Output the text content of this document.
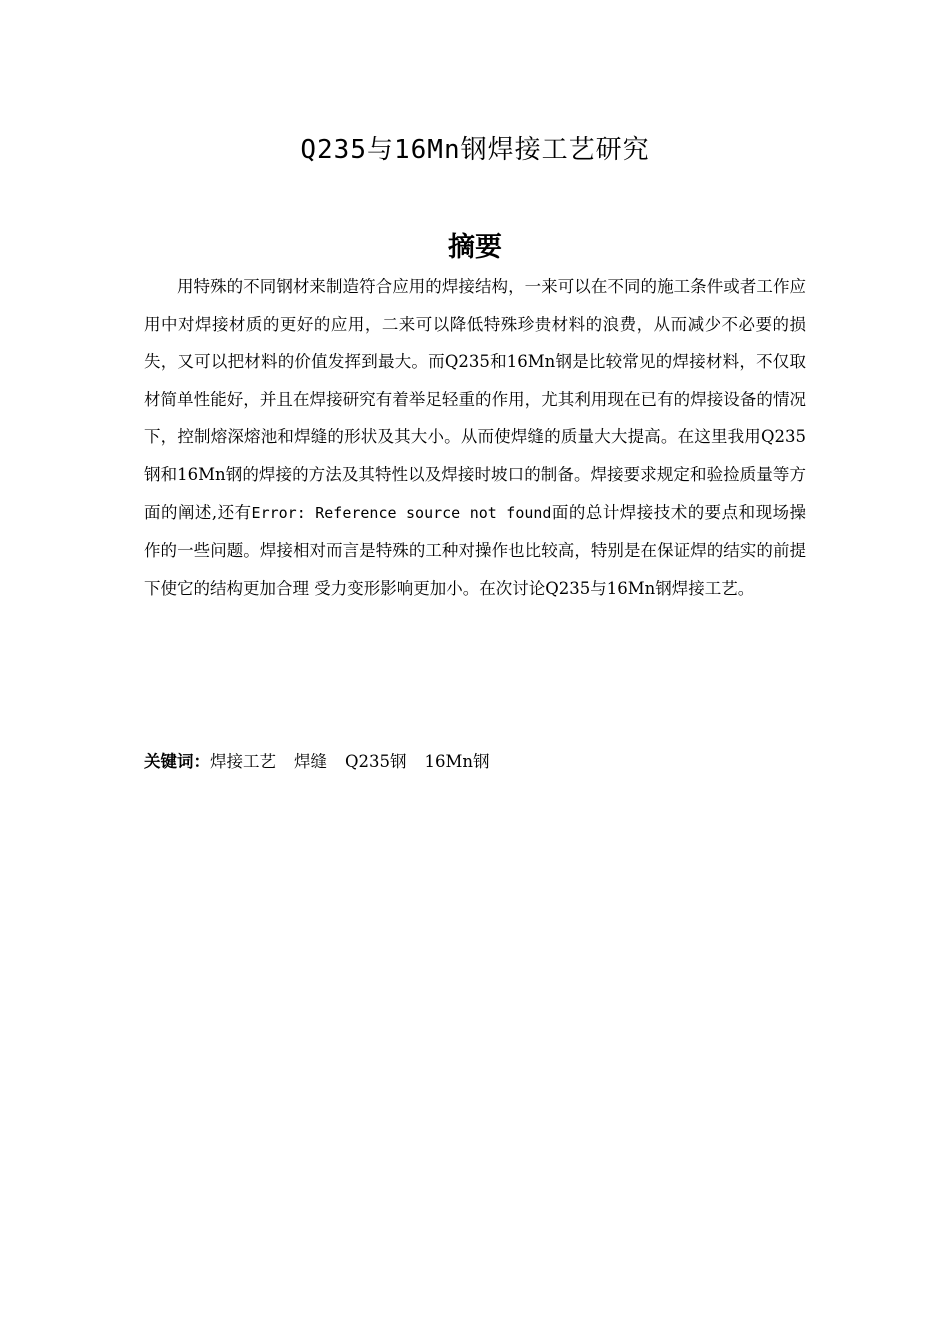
Q235与16Mn钢焊接工艺研究
摘要

用特殊的不同钢材来制造符合应用的焊接结构，一来可以在不同的施工条件或者工作应用中对焊接材质的更好的应用，二来可以降低特殊珍贵材料的浪费，从而减少不必要的损失，又可以把材料的价值发挥到最大。而Q235和16Mn钢是比较常见的焊接材料，不仅取材简单性能好，并且在焊接研究有着举足轻重的作用，尤其利用现在已有的焊接设备的情况下，控制熔深熔池和焊缝的形状及其大小。从而使焊缝的质量大大提高。在这里我用Q235钢和16Mn钢的焊接的方法及其特性以及焊接时坡口的制备。焊接要求规定和验捡质量等方面的阐述,还有Error: Reference source not found面的总计焊接技术的要点和现场操作的一些问题。焊接相对而言是特殊的工种对操作也比较高，特别是在保证焊的结实的前提下使它的结构更加合理 受力变形影响更加小。在次讨论Q235与16Mn钢焊接工艺。

关键词：焊接工艺 焊缝 Q235钢 16Mn钢
